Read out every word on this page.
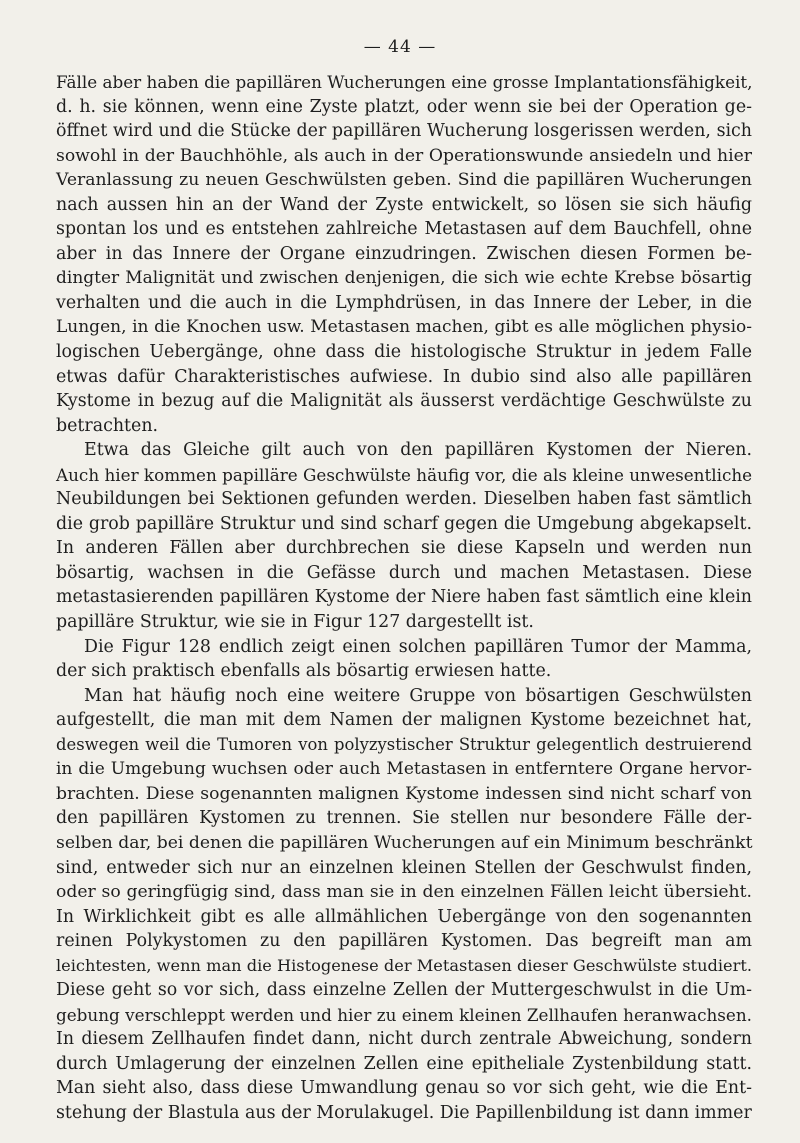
— 44 —
Fälle aber haben die papillären Wucherungen eine grosse Implantationsfähigkeit,
d. h. sie können, wenn eine Zyste platzt, oder wenn sie bei der Operation ge-
öffnet wird und die Stücke der papillären Wucherung losgerissen werden, sich
sowohl in der Bauchhöhle, als auch in der Operationswunde ansiedeln und hier
Veranlassung zu neuen Geschwülsten geben. Sind die papillären Wucherungen
nach aussen hin an der Wand der Zyste entwickelt, so lösen sie sich häufig
spontan los und es entstehen zahlreiche Metastasen auf dem Bauchfell, ohne
aber in das Innere der Organe einzudringen. Zwischen diesen Formen be-
dingter Malignität und zwischen denjenigen, die sich wie echte Krebse bösartig
verhalten und die auch in die Lymphdrüsen, in das Innere der Leber, in die
Lungen, in die Knochen usw. Metastasen machen, gibt es alle möglichen physio-
logischen Uebergänge, ohne dass die histologische Struktur in jedem Falle
etwas dafür Charakteristisches aufwiese. In dubio sind also alle papillären
Kystome in bezug auf die Malignität als äusserst verdächtige Geschwülste zu
betrachten.
Etwa das Gleiche gilt auch von den papillären Kystomen der Nieren.
Auch hier kommen papilläre Geschwülste häufig vor, die als kleine unwesentliche
Neubildungen bei Sektionen gefunden werden. Dieselben haben fast sämtlich
die grob papilläre Struktur und sind scharf gegen die Umgebung abgekapselt.
In anderen Fällen aber durchbrechen sie diese Kapseln und werden nun
bösartig, wachsen in die Gefässe durch und machen Metastasen. Diese
metastasierenden papillären Kystome der Niere haben fast sämtlich eine klein
papilläre Struktur, wie sie in Figur 127 dargestellt ist.
Die Figur 128 endlich zeigt einen solchen papillären Tumor der Mamma,
der sich praktisch ebenfalls als bösartig erwiesen hatte.
Man hat häufig noch eine weitere Gruppe von bösartigen Geschwülsten
aufgestellt, die man mit dem Namen der malignen Kystome bezeichnet hat,
deswegen weil die Tumoren von polyzystischer Struktur gelegentlich destruierend
in die Umgebung wuchsen oder auch Metastasen in entferntere Organe hervor-
brachten. Diese sogenannten malignen Kystome indessen sind nicht scharf von
den papillären Kystomen zu trennen. Sie stellen nur besondere Fälle der-
selben dar, bei denen die papillären Wucherungen auf ein Minimum beschränkt
sind, entweder sich nur an einzelnen kleinen Stellen der Geschwulst finden,
oder so geringfügig sind, dass man sie in den einzelnen Fällen leicht übersieht.
In Wirklichkeit gibt es alle allmählichen Uebergänge von den sogenannten
reinen Polykystomen zu den papillären Kystomen. Das begreift man am
leichtesten, wenn man die Histogenese der Metastasen dieser Geschwülste studiert.
Diese geht so vor sich, dass einzelne Zellen der Muttergeschwulst in die Um-
gebung verschleppt werden und hier zu einem kleinen Zellhaufen heranwachsen.
In diesem Zellhaufen findet dann, nicht durch zentrale Abweichung, sondern
durch Umlagerung der einzelnen Zellen eine epitheliale Zystenbildung statt.
Man sieht also, dass diese Umwandlung genau so vor sich geht, wie die Ent-
stehung der Blastula aus der Morulakugel. Die Papillenbildung ist dann immer
